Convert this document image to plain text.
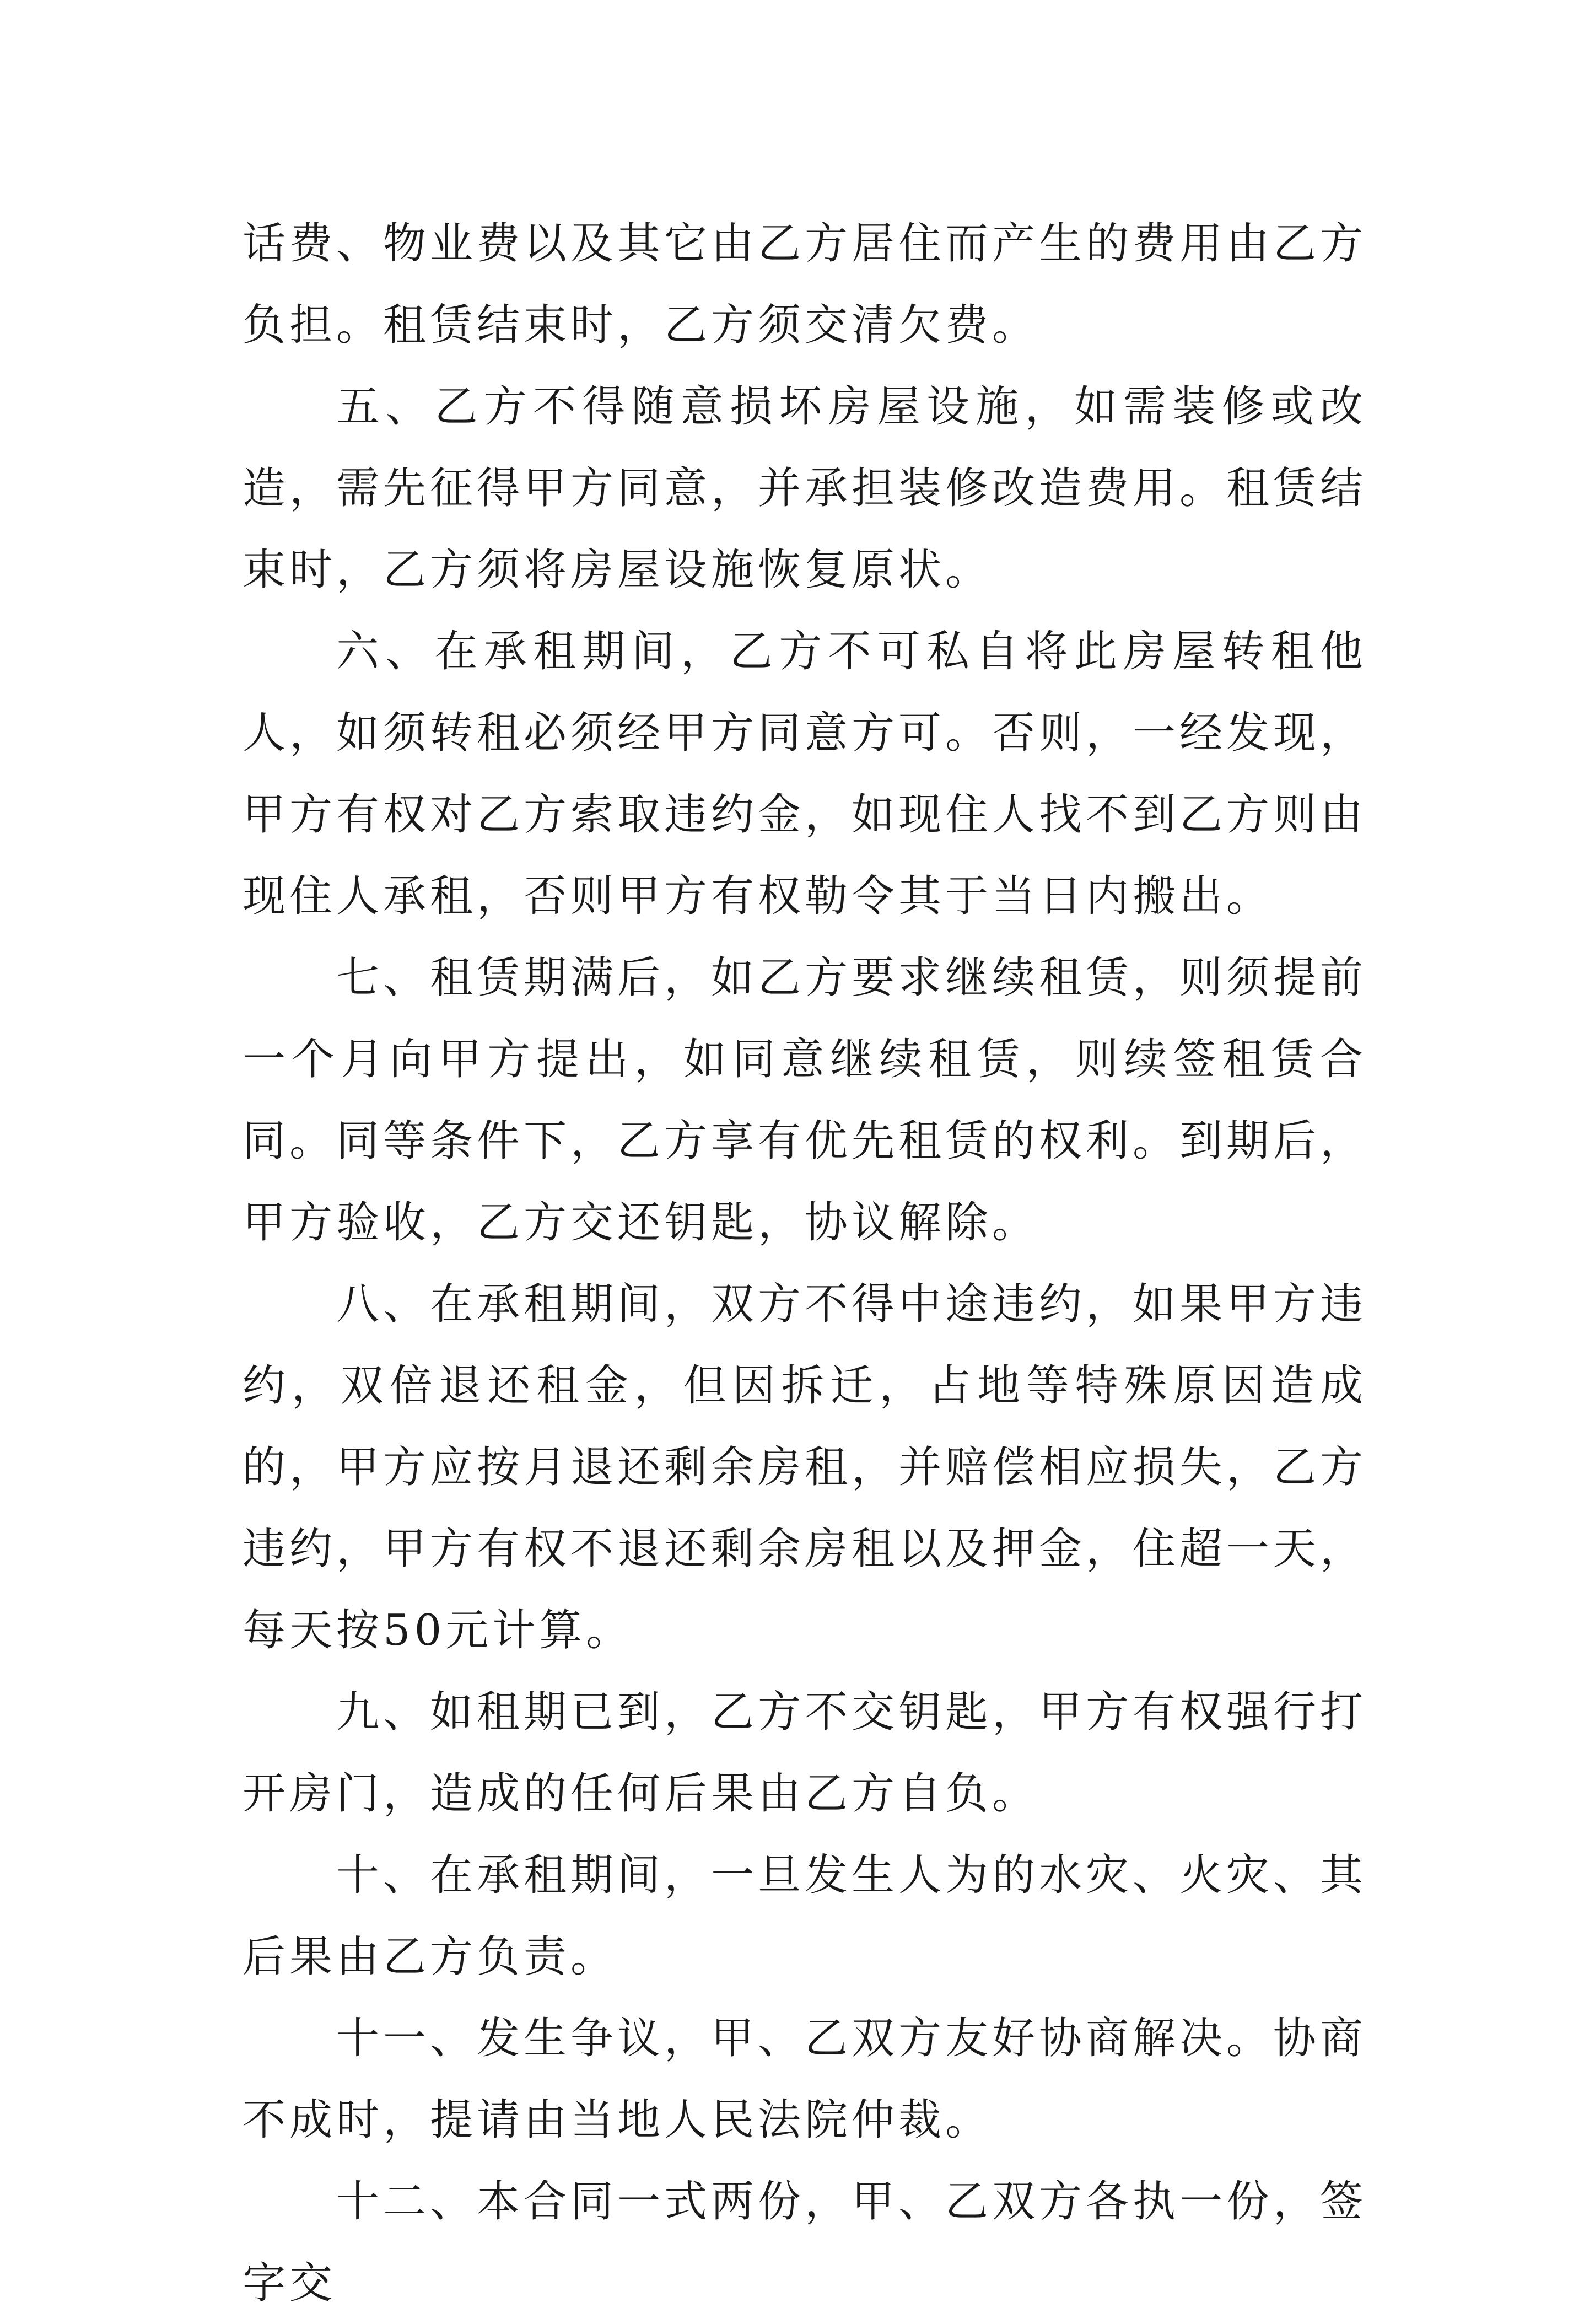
话费、物业费以及其它由乙方居住而产生的费用由乙方负担。租赁结束时，乙方须交清欠费。

五、乙方不得随意损坏房屋设施，如需装修或改造，需先征得甲方同意，并承担装修改造费用。租赁结束时，乙方须将房屋设施恢复原状。

六、在承租期间，乙方不可私自将此房屋转租他人，如须转租必须经甲方同意方可。否则，一经发现，甲方有权对乙方索取违约金，如现住人找不到乙方则由现住人承租，否则甲方有权勒令其于当日内搬出。

七、租赁期满后，如乙方要求继续租赁，则须提前一个月向甲方提出，如同意继续租赁，则续签租赁合同。同等条件下，乙方享有优先租赁的权利。到期后，甲方验收，乙方交还钥匙，协议解除。

八、在承租期间，双方不得中途违约，如果甲方违约，双倍退还租金，但因拆迁，占地等特殊原因造成的，甲方应按月退还剩余房租，并赔偿相应损失，乙方违约，甲方有权不退还剩余房租以及押金，住超一天，每天按50元计算。

九、如租期已到，乙方不交钥匙，甲方有权强行打开房门，造成的任何后果由乙方自负。

十、在承租期间，一旦发生人为的水灾、火灾、其后果由乙方负责。

十一、发生争议，甲、乙双方友好协商解决。协商不成时，提请由当地人民法院仲裁。

十二、本合同一式两份，甲、乙双方各执一份，签字交
